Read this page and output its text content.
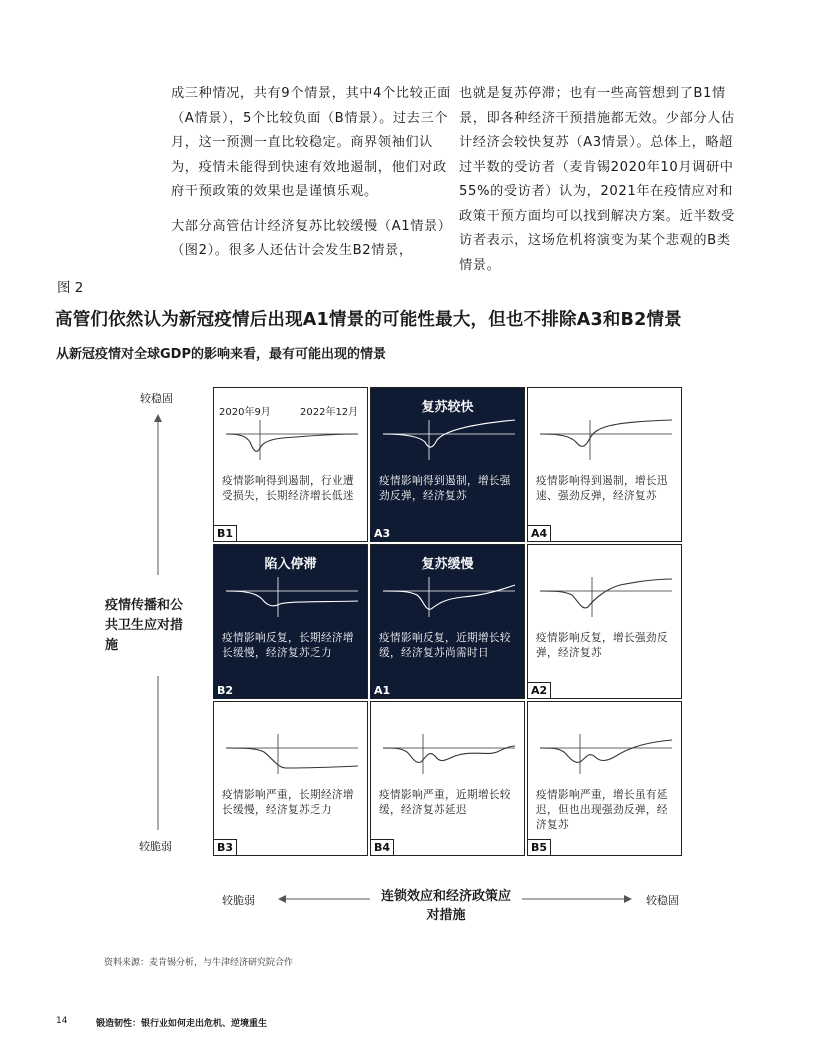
成三种情况，共有9个情景，其中4个比较正面（A情景），5个比较负面（B情景）。过去三个月，这一预测一直比较稳定。商界领袖们认为，疫情未能得到快速有效地遏制，他们对政府干预政策的效果也是谨慎乐观。

大部分高管估计经济复苏比较缓慢（A1情景）（图2）。很多人还估计会发生B2情景，

也就是复苏停滞；也有一些高管想到了B1情景，即各种经济干预措施都无效。少部分人估计经济会较快复苏（A3情景）。总体上，略超过半数的受访者（麦肯锡2020年10月调研中55%的受访者）认为，2021年在疫情应对和政策干预方面均可以找到解决方案。近半数受访者表示，这场危机将演变为某个悲观的B类情景。

图 2
高管们依然认为新冠疫情后出现A1情景的可能性最大，但也不排除A3和B2情景
从新冠疫情对全球GDP的影响来看，最有可能出现的情景
较稳固
疫情传播和公共卫生应对措施
较脆弱
较脆弱	连锁效应和经济政策应对措施
较稳固
2020年9月	2022年12月
疫情影响得到遏制，行业遭受损失，长期经济增长低迷
B1
复苏较快
疫情影响得到遏制，增长强劲反弹，经济复苏
A3
疫情影响得到遏制，增长迅速、强劲反弹，经济复苏
A4
陷入停滞
疫情影响反复，长期经济增长缓慢，经济复苏乏力
B2
复苏缓慢
疫情影响反复，近期增长较缓，经济复苏尚需时日
A1
疫情影响反复，增长强劲反弹，经济复苏
A2
疫情影响严重，长期经济增长缓慢，经济复苏乏力
B3
疫情影响严重，近期增长较缓，经济复苏延迟
B4
疫情影响严重，增长虽有延迟，但也出现强劲反弹，经济复苏
B5
资料来源：麦肯锡分析，与牛津经济研究院合作
14	锻造韧性：银行业如何走出危机、逆境重生
